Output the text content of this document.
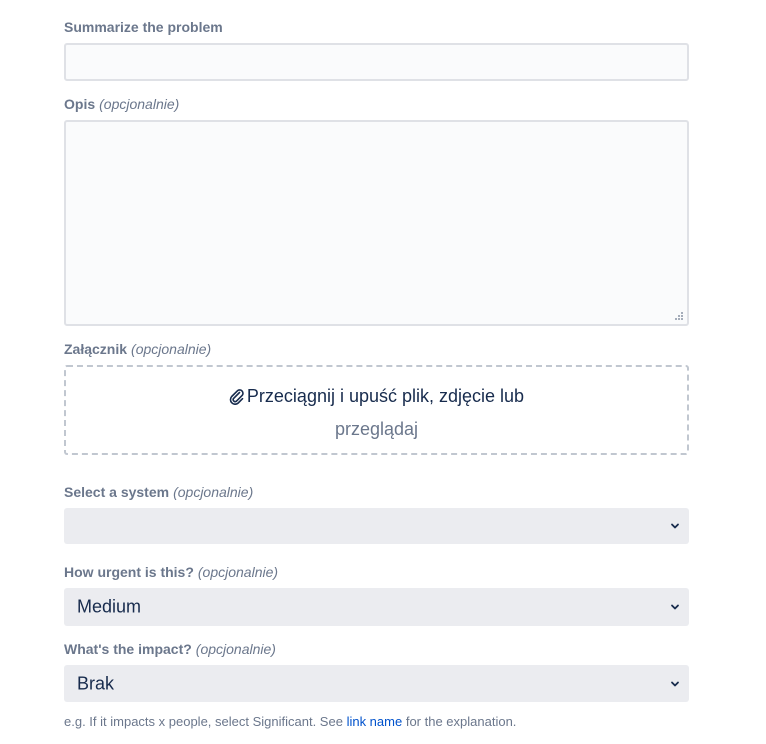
Summarize the problem
Opis (opcjonalnie)
Załącznik (opcjonalnie)
Przeciągnij i upuść plik, zdjęcie lub
przeglądaj
Select a system (opcjonalnie)
How urgent is this? (opcjonalnie)
Medium
What's the impact? (opcjonalnie)
Brak
e.g. If it impacts x people, select Significant. See link name for the explanation.
